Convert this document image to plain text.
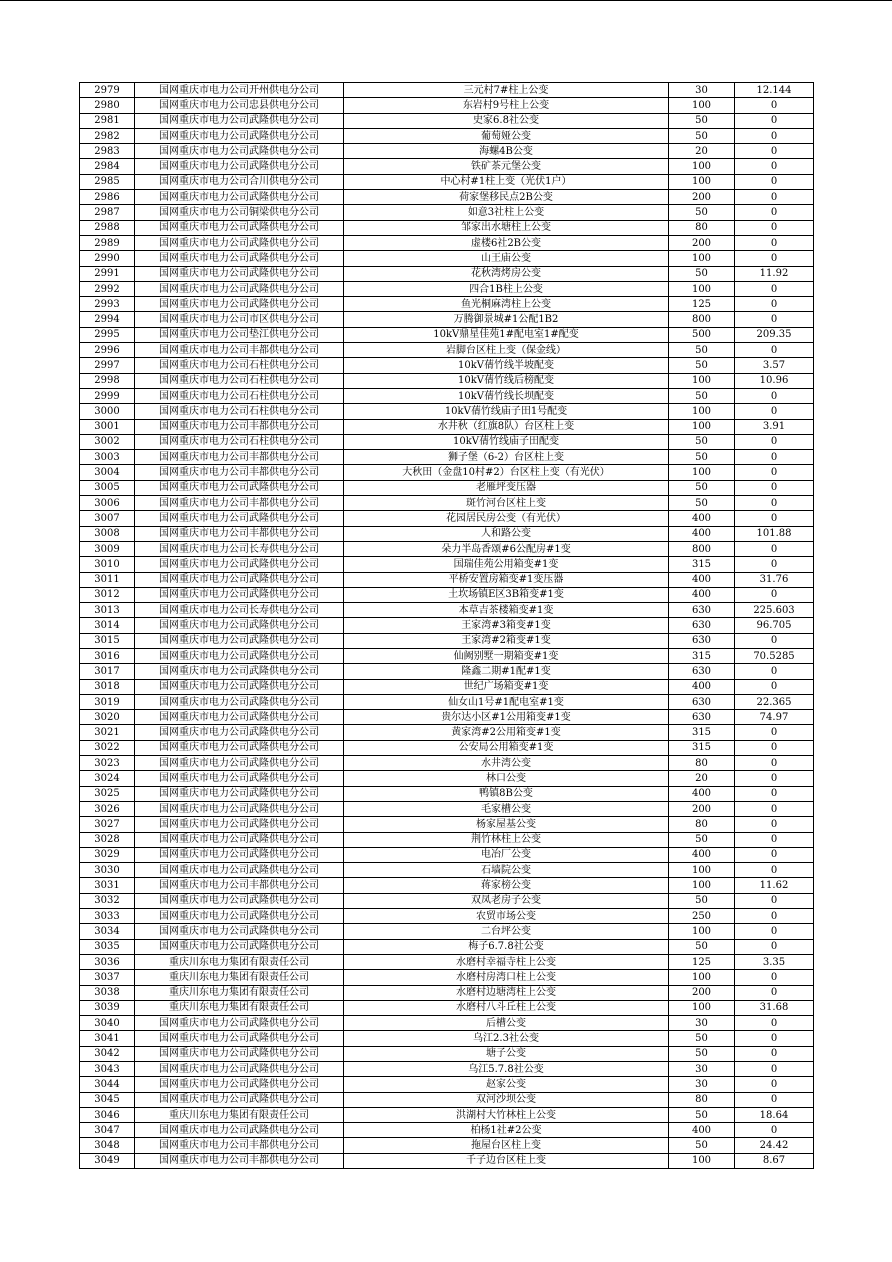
2979	国网重庆市电力公司开州供电分公司	三元村7#柱上公变	30	12.144
2980	国网重庆市电力公司忠县供电分公司	东岩村9号柱上公变	100	0
2981	国网重庆市电力公司武隆供电分公司	史家6.8社公变	50	0
2982	国网重庆市电力公司武隆供电分公司	葡萄娅公变	50	0
2983	国网重庆市电力公司武隆供电分公司	海螺4B公变	20	0
2984	国网重庆市电力公司武隆供电分公司	铁矿茶元堡公变	100	0
2985	国网重庆市电力公司合川供电分公司	中心村#1柱上变（光伏1户）	100	0
2986	国网重庆市电力公司武隆供电分公司	荷家堡移民点2B公变	200	0
2987	国网重庆市电力公司铜梁供电分公司	如意3社柱上公变	50	0
2988	国网重庆市电力公司武隆供电分公司	邹家出水塘柱上公变	80	0
2989	国网重庆市电力公司武隆供电分公司	虚楼6社2B公变	200	0
2990	国网重庆市电力公司武隆供电分公司	山王庙公变	100	0
2991	国网重庆市电力公司武隆供电分公司	花秋湾烤房公变	50	11.92
2992	国网重庆市电力公司武隆供电分公司	四合1B柱上公变	100	0
2993	国网重庆市电力公司武隆供电分公司	鱼光桐麻湾柱上公变	125	0
2994	国网重庆市电力公司市区供电分公司	万腾御景城#1公配1B2	800	0
2995	国网重庆市电力公司垫江供电分公司	10kV鼎星佳苑1#配电室1#配变	500	209.35
2996	国网重庆市电力公司丰都供电分公司	岩脚台区柱上变（保金线）	50	0
2997	国网重庆市电力公司石柱供电分公司	10kV蒨竹线半坡配变	50	3.57
2998	国网重庆市电力公司石柱供电分公司	10kV蒨竹线后榜配变	100	10.96
2999	国网重庆市电力公司石柱供电分公司	10kV蒨竹线长坝配变	50	0
3000	国网重庆市电力公司石柱供电分公司	10kV蒨竹线庙子田1号配变	100	0
3001	国网重庆市电力公司丰都供电分公司	水井秋（红旗8队）台区柱上变	100	3.91
3002	国网重庆市电力公司石柱供电分公司	10kV蒨竹线庙子田配变	50	0
3003	国网重庆市电力公司丰都供电分公司	狮子堡（6-2）台区柱上变	50	0
3004	国网重庆市电力公司丰都供电分公司	大秋田（金盘10村#2）台区柱上变（有光伏）	100	0
3005	国网重庆市电力公司武隆供电分公司	老雁坪变压器	50	0
3006	国网重庆市电力公司丰都供电分公司	斑竹河台区柱上变	50	0
3007	国网重庆市电力公司武隆供电分公司	花园居民房公变（有光伏）	400	0
3008	国网重庆市电力公司丰都供电分公司	人和路公变	400	101.88
3009	国网重庆市电力公司长寿供电分公司	朵力半岛香颂#6公配房#1变	800	0
3010	国网重庆市电力公司武隆供电分公司	国瑞佳苑公用箱变#1变	315	0
3011	国网重庆市电力公司武隆供电分公司	平桥安置房箱变#1变压器	400	31.76
3012	国网重庆市电力公司武隆供电分公司	土坎场镇E区3B箱变#1变	400	0
3013	国网重庆市电力公司长寿供电分公司	本草吉茶楼箱变#1变	630	225.603
3014	国网重庆市电力公司武隆供电分公司	王家湾#3箱变#1变	630	96.705
3015	国网重庆市电力公司武隆供电分公司	王家湾#2箱变#1变	630	0
3016	国网重庆市电力公司武隆供电分公司	仙阙别墅一期箱变#1变	315	70.5285
3017	国网重庆市电力公司武隆供电分公司	隆鑫二期#1配#1变	630	0
3018	国网重庆市电力公司武隆供电分公司	世纪广场箱变#1变	400	0
3019	国网重庆市电力公司武隆供电分公司	仙女山1号#1配电室#1变	630	22.365
3020	国网重庆市电力公司武隆供电分公司	贵尔达小区#1公用箱变#1变	630	74.97
3021	国网重庆市电力公司武隆供电分公司	黄家湾#2公用箱变#1变	315	0
3022	国网重庆市电力公司武隆供电分公司	公安局公用箱变#1变	315	0
3023	国网重庆市电力公司武隆供电分公司	水井湾公变	80	0
3024	国网重庆市电力公司武隆供电分公司	林口公变	20	0
3025	国网重庆市电力公司武隆供电分公司	鸭镇8B公变	400	0
3026	国网重庆市电力公司武隆供电分公司	毛家槽公变	200	0
3027	国网重庆市电力公司武隆供电分公司	杨家屋基公变	80	0
3028	国网重庆市电力公司武隆供电分公司	荆竹林柱上公变	50	0
3029	国网重庆市电力公司武隆供电分公司	电冶厂公变	400	0
3030	国网重庆市电力公司武隆供电分公司	石墙院公变	100	0
3031	国网重庆市电力公司丰都供电分公司	蒋家榜公变	100	11.62
3032	国网重庆市电力公司武隆供电分公司	双凤老房子公变	50	0
3033	国网重庆市电力公司武隆供电分公司	农贸市场公变	250	0
3034	国网重庆市电力公司武隆供电分公司	二台坪公变	100	0
3035	国网重庆市电力公司武隆供电分公司	梅子6.7.8社公变	50	0
3036	重庆川东电力集团有限责任公司	水磨村幸福寺柱上公变	125	3.35
3037	重庆川东电力集团有限责任公司	水磨村房湾口柱上公变	100	0
3038	重庆川东电力集团有限责任公司	水磨村边塘湾柱上公变	200	0
3039	重庆川东电力集团有限责任公司	水磨村八斗丘柱上公变	100	31.68
3040	国网重庆市电力公司武隆供电分公司	后槽公变	30	0
3041	国网重庆市电力公司武隆供电分公司	乌江2.3社公变	50	0
3042	国网重庆市电力公司武隆供电分公司	塘子公变	50	0
3043	国网重庆市电力公司武隆供电分公司	乌江5.7.8社公变	30	0
3044	国网重庆市电力公司武隆供电分公司	赵家公变	30	0
3045	国网重庆市电力公司武隆供电分公司	双河沙坝公变	80	0
3046	重庆川东电力集团有限责任公司	洪湖村大竹林柱上公变	50	18.64
3047	国网重庆市电力公司武隆供电分公司	柏杨1社#2公变	400	0
3048	国网重庆市电力公司丰都供电分公司	拖屋台区柱上变	50	24.42
3049	国网重庆市电力公司丰都供电分公司	千子边台区柱上变	100	8.67
